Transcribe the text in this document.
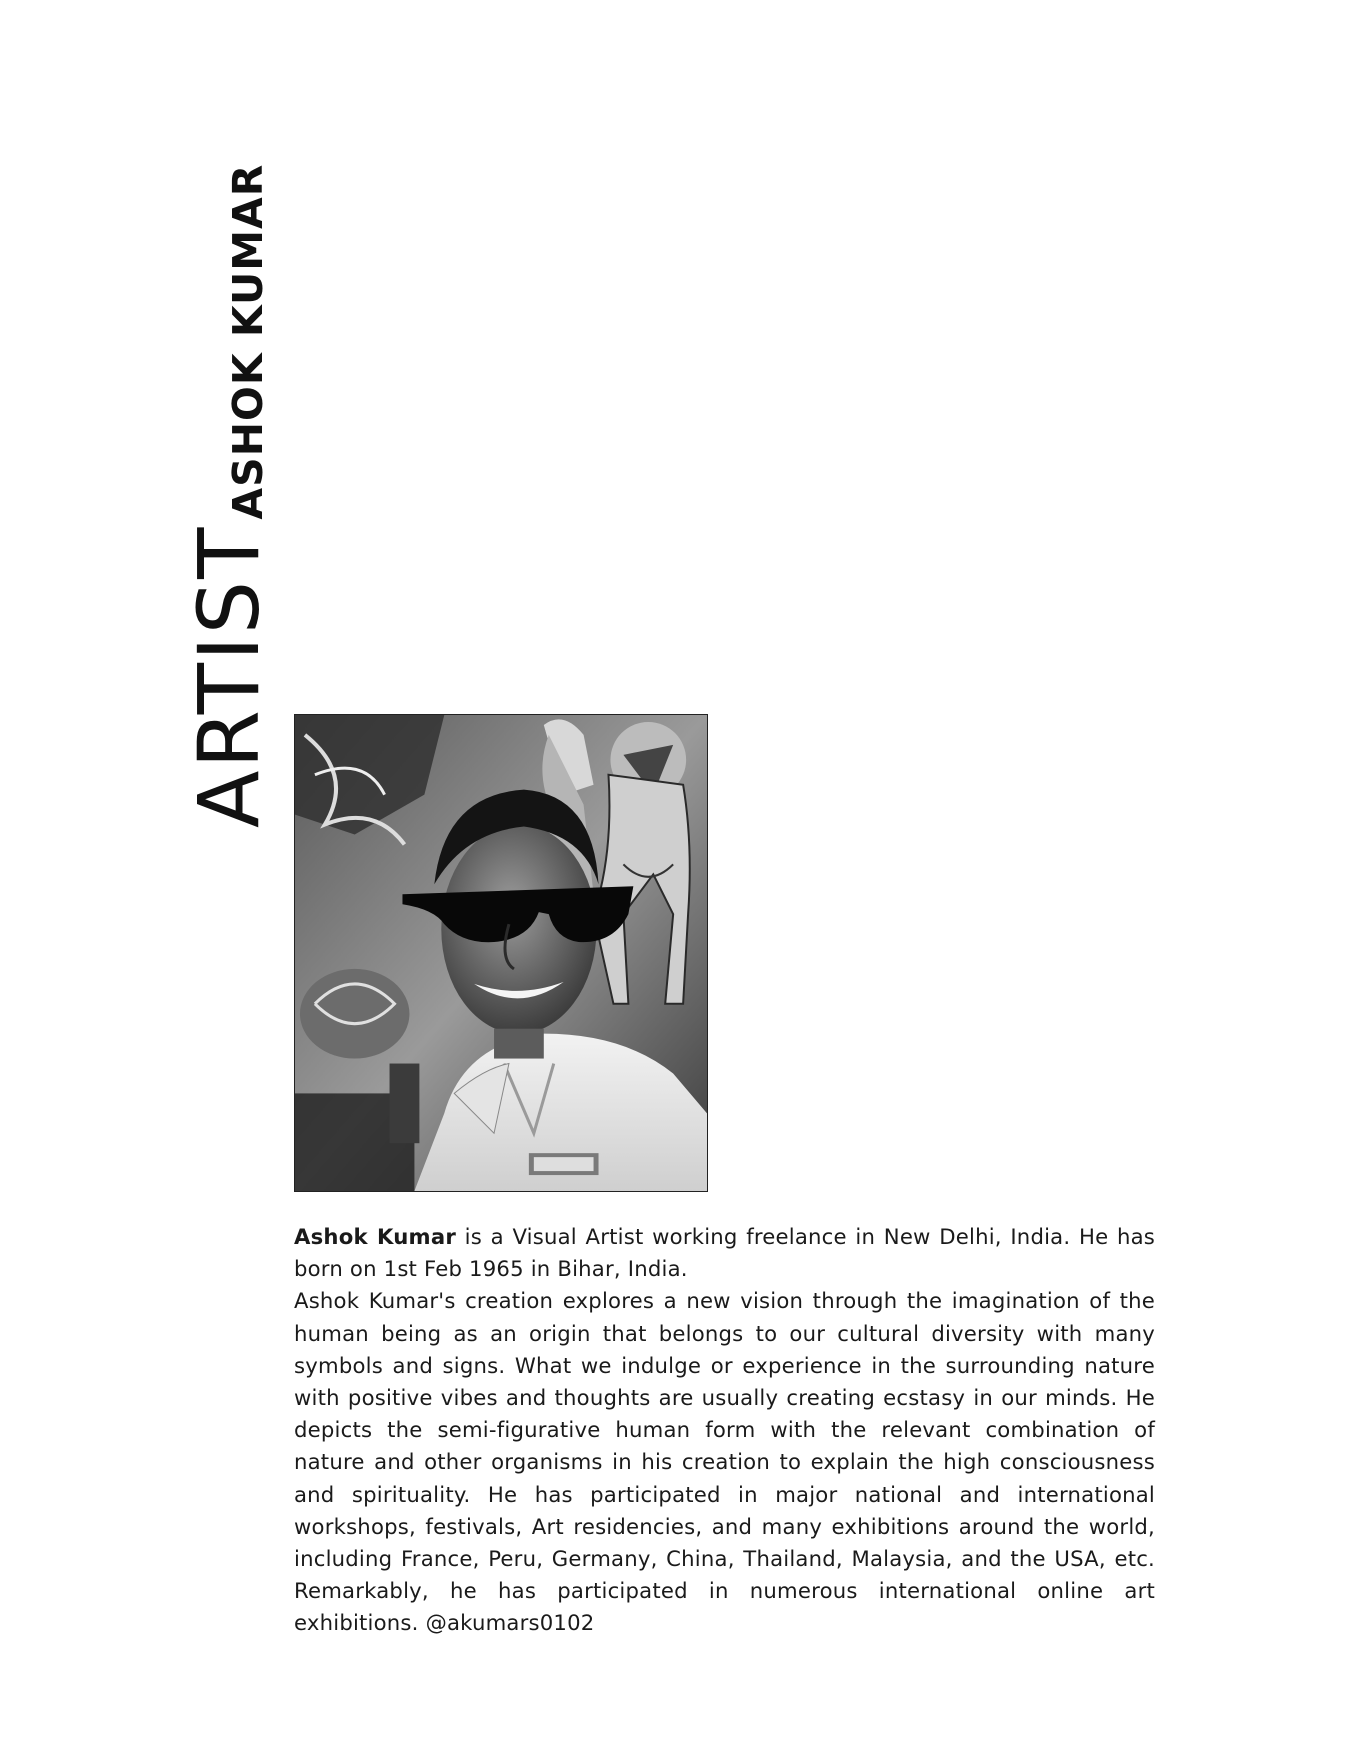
ARTIST
ASHOK KUMAR

Ashok Kumar is a Visual Artist working freelance in New Delhi, India. He has born on 1st Feb 1965 in Bihar, India.

Ashok Kumar's creation explores a new vision through the imagination of the human being as an origin that belongs to our cultural diversity with many symbols and signs. What we indulge or experience in the surrounding nature with positive vibes and thoughts are usually creating ecstasy in our minds. He depicts the semi-figurative human form with the relevant combination of nature and other organisms in his creation to explain the high consciousness and spirituality. He has participated in major national and international workshops, festivals, Art residencies, and many exhibitions around the world, including France, Peru, Germany, China, Thailand, Malaysia, and the USA, etc. Remarkably, he has participated in numerous international online art exhibitions. @akumars0102
